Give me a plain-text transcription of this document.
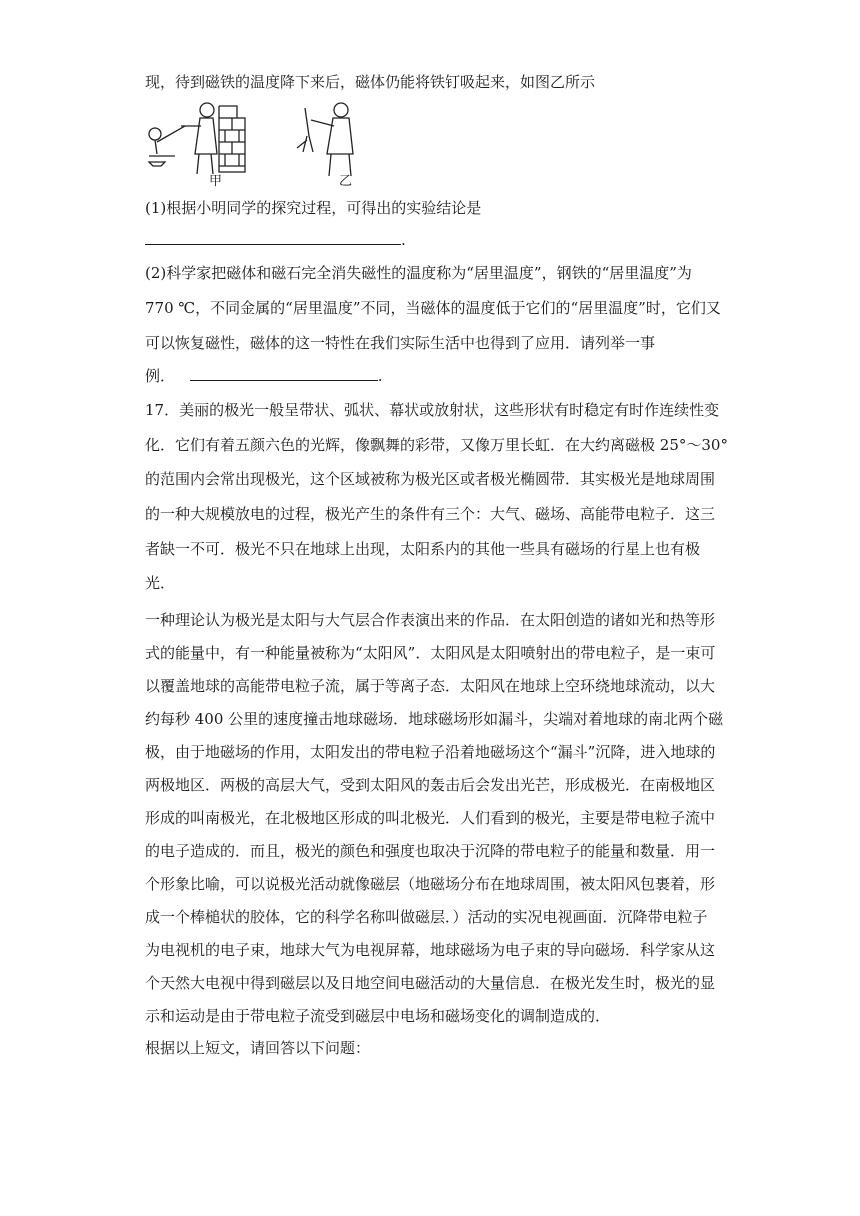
现，待到磁铁的温度降下来后，磁体仍能将铁钉吸起来，如图乙所示
甲	乙
(1)根据小明同学的探究过程，可得出的实验结论是
.
(2)科学家把磁体和磁石完全消失磁性的温度称为“居里温度”，钢铁的“居里温度”为
770 ℃，不同金属的“居里温度”不同，当磁体的温度低于它们的“居里温度”时，它们又
可以恢复磁性，磁体的这一特性在我们实际生活中也得到了应用．请列举一事
例．	.
17．美丽的极光一般呈带状、弧状、幕状或放射状，这些形状有时稳定有时作连续性变
化．它们有着五颜六色的光辉，像飘舞的彩带，又像万里长虹．在大约离磁极 25°～30°
的范围内会常出现极光，这个区域被称为极光区或者极光椭圆带．其实极光是地球周围
的一种大规模放电的过程，极光产生的条件有三个：大气、磁场、高能带电粒子．这三
者缺一不可．极光不只在地球上出现，太阳系内的其他一些具有磁场的行星上也有极
光．
一种理论认为极光是太阳与大气层合作表演出来的作品．在太阳创造的诸如光和热等形
式的能量中，有一种能量被称为“太阳风”．太阳风是太阳喷射出的带电粒子，是一束可
以覆盖地球的高能带电粒子流，属于等离子态．太阳风在地球上空环绕地球流动，以大
约每秒 400 公里的速度撞击地球磁场．地球磁场形如漏斗，尖端对着地球的南北两个磁
极，由于地磁场的作用，太阳发出的带电粒子沿着地磁场这个“漏斗”沉降，进入地球的
两极地区．两极的高层大气，受到太阳风的轰击后会发出光芒，形成极光．在南极地区
形成的叫南极光，在北极地区形成的叫北极光．人们看到的极光，主要是带电粒子流中
的电子造成的．而且，极光的颜色和强度也取决于沉降的带电粒子的能量和数量．用一
个形象比喻，可以说极光活动就像磁层（地磁场分布在地球周围，被太阳风包裹着，形
成一个棒槌状的胶体，它的科学名称叫做磁层．）活动的实况电视画面．沉降带电粒子
为电视机的电子束，地球大气为电视屏幕，地球磁场为电子束的导向磁场．科学家从这
个天然大电视中得到磁层以及日地空间电磁活动的大量信息．在极光发生时，极光的显
示和运动是由于带电粒子流受到磁层中电场和磁场变化的调制造成的．
根据以上短文，请回答以下问题：
